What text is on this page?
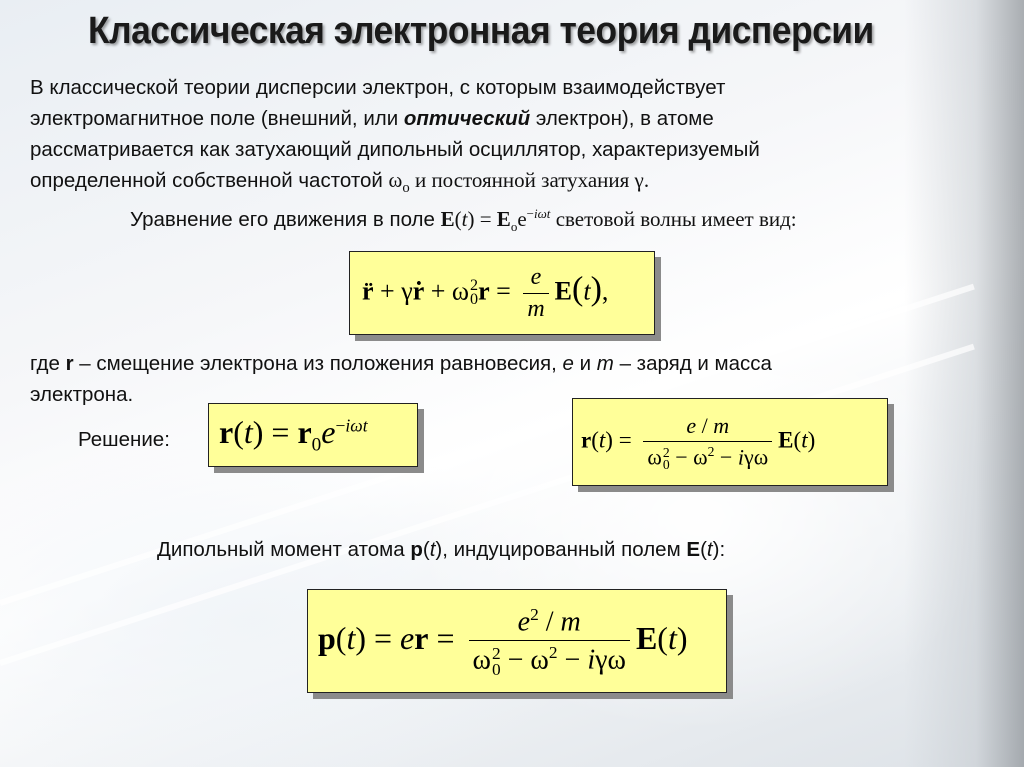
Классическая электронная теория дисперсии
В классической теории дисперсии электрон, с которым взаимодействует
электромагнитное поле (внешний, или оптический электрон), в атоме
рассматривается как затухающий дипольный осциллятор, характеризуемый
определенной собственной частотой $\omega_o$ и постоянной затухания γ.
Уравнение его движения в поле $E(t) = E_oe^{-i\omega t}$ световой волны имеет вид:
r̈ + γṙ + ω 2
0 $r = \frac{e}{m} E(t)$,
где r – смещение электрона из положения равновесия, e и m – заряд и масса
электрона.
Решение: $r(t) = r_0e^{-i\omega t}$
r(t) = e / m
ω 2
$0 - \omega^2 - i\gamma\omega$ E(t)
Дипольный момент атома p(t), индуцированный полем E(t):
p(t) = er = $e^2$ / m
ω 2
$0 - \omega^2 - i\gamma\omega$ E(t)
